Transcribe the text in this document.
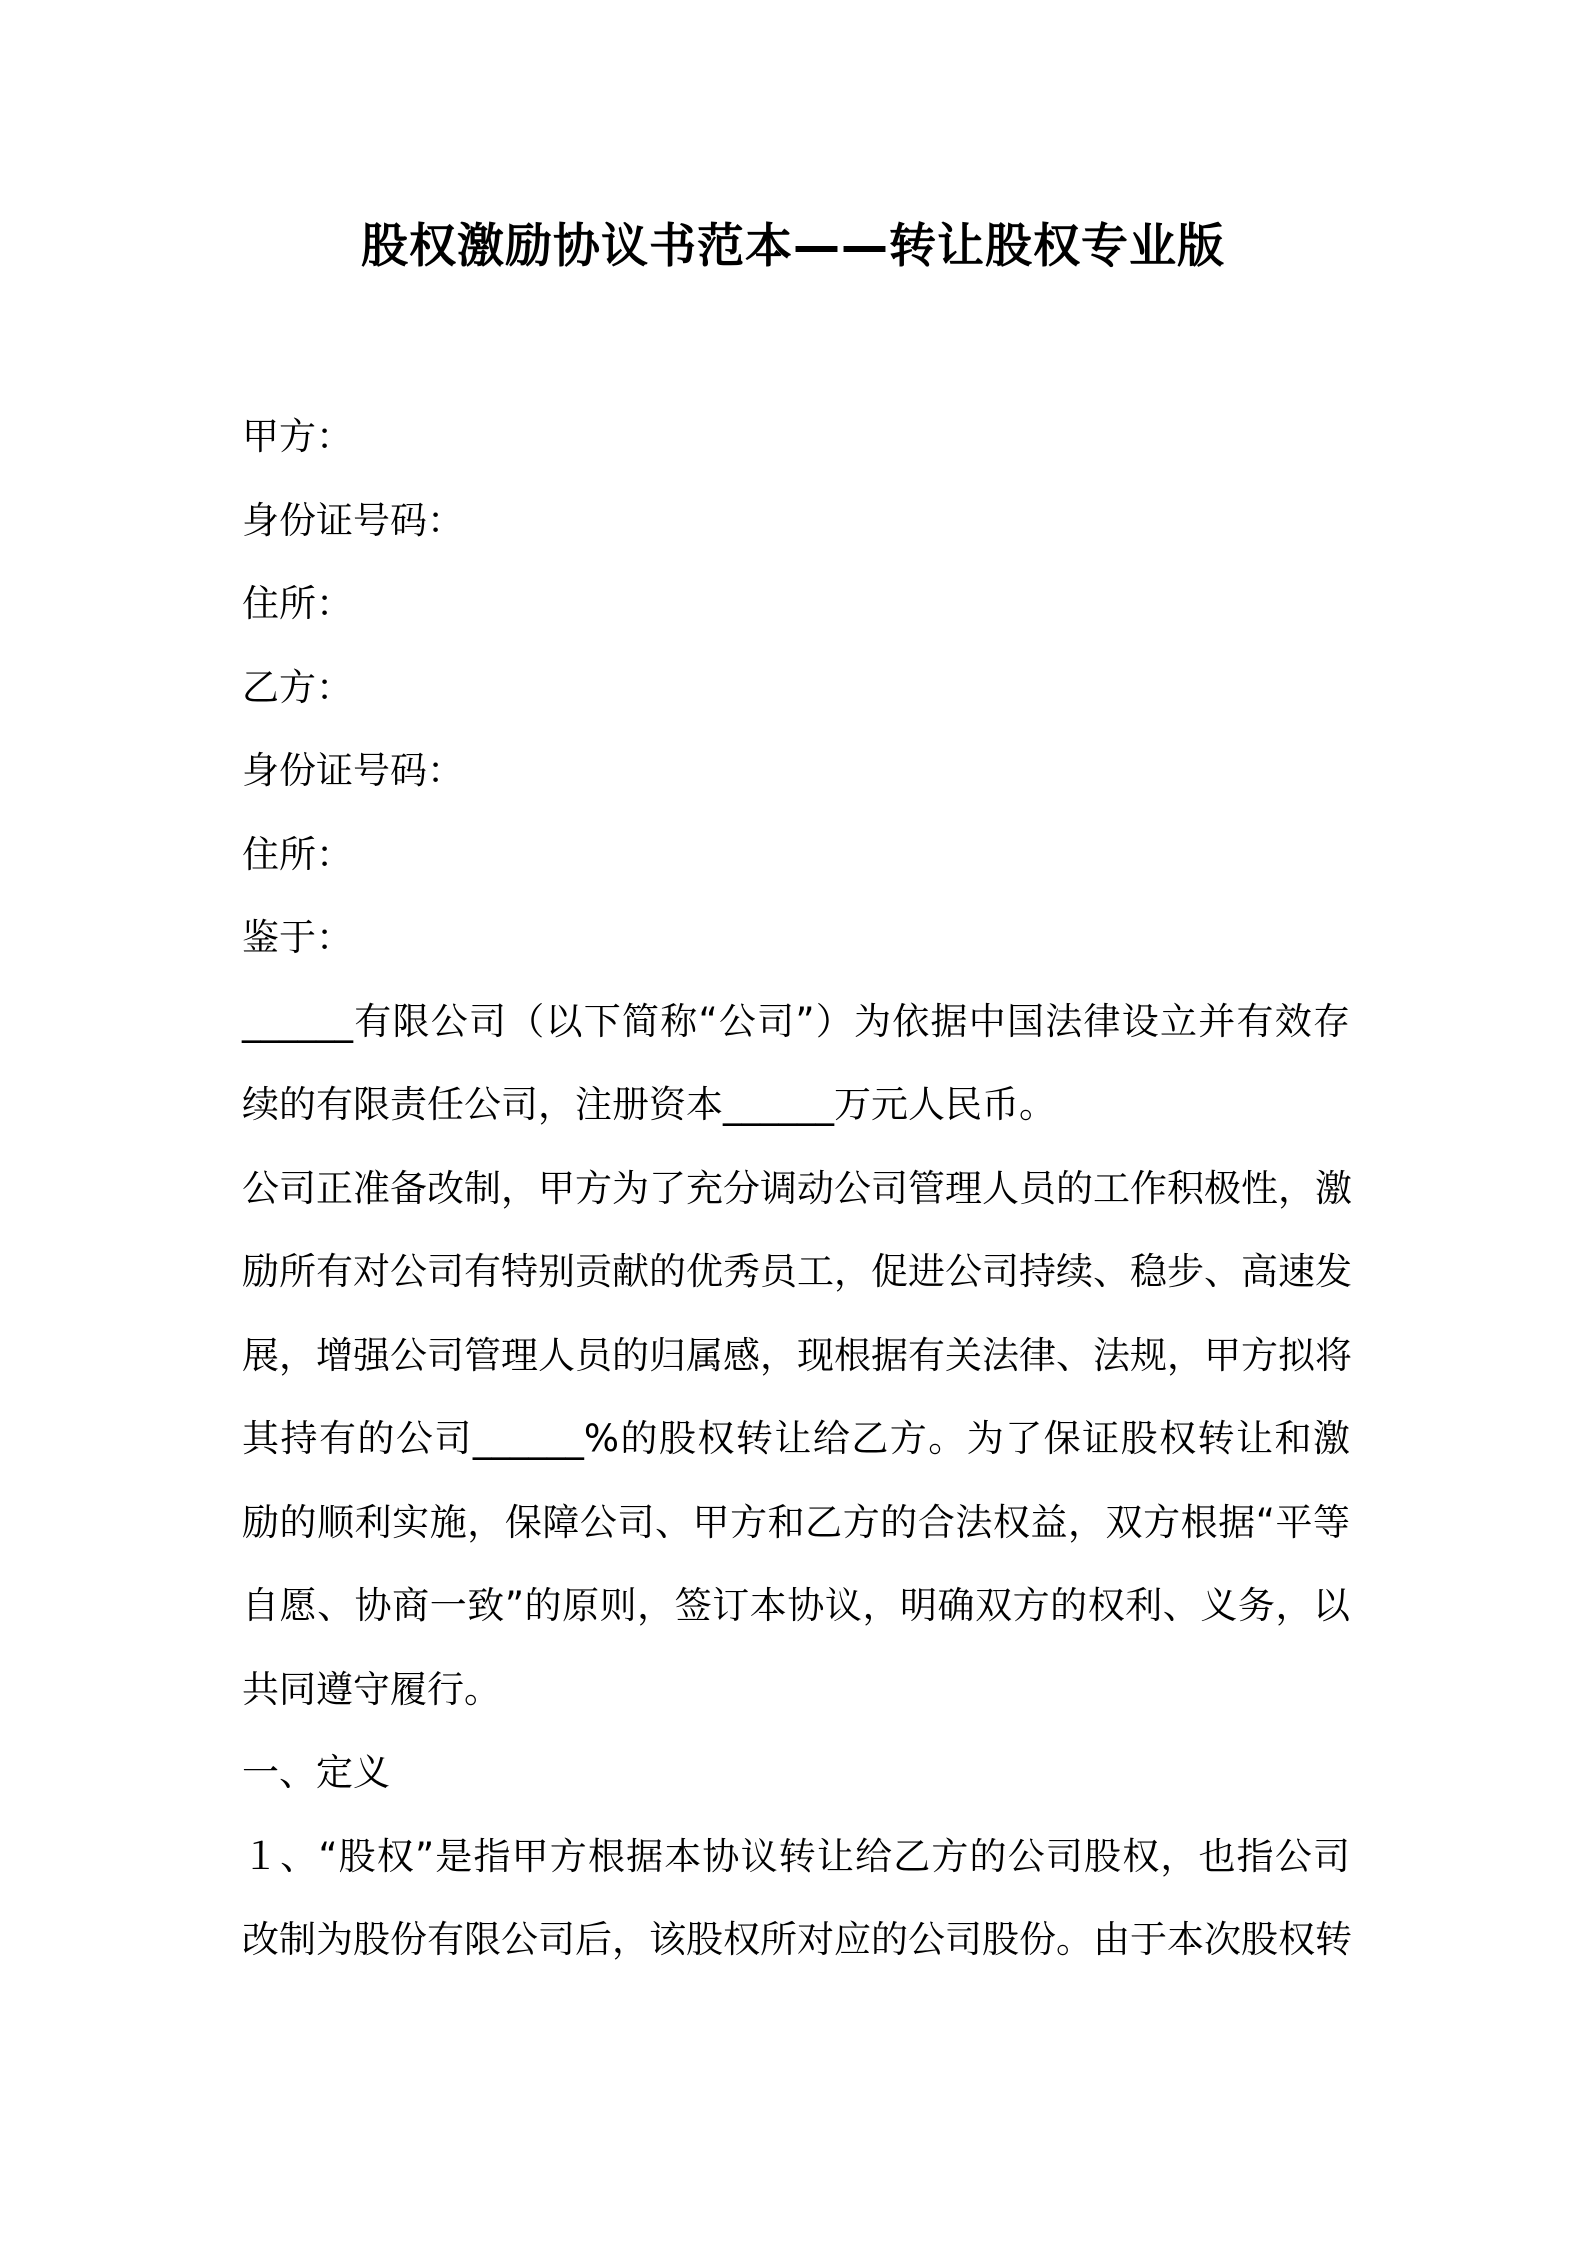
股权激励协议书范本——转让股权专业版
甲方：
身份证号码：
住所：
乙方：
身份证号码：
住所：
鉴于：
______有限公司（以下简称“公司”）为依据中国法律设立并有效存
续的有限责任公司，注册资本______万元人民币。
公司正准备改制，甲方为了充分调动公司管理人员的工作积极性，激
励所有对公司有特别贡献的优秀员工，促进公司持续、稳步、高速发
展，增强公司管理人员的归属感，现根据有关法律、法规，甲方拟将
其持有的公司______%的股权转让给乙方。为了保证股权转让和激
励的顺利实施，保障公司、甲方和乙方的合法权益，双方根据“平等
自愿、协商一致”的原则，签订本协议，明确双方的权利、义务，以
共同遵守履行。
一、定义
１、“股权”是指甲方根据本协议转让给乙方的公司股权，也指公司
改制为股份有限公司后，该股权所对应的公司股份。由于本次股权转
